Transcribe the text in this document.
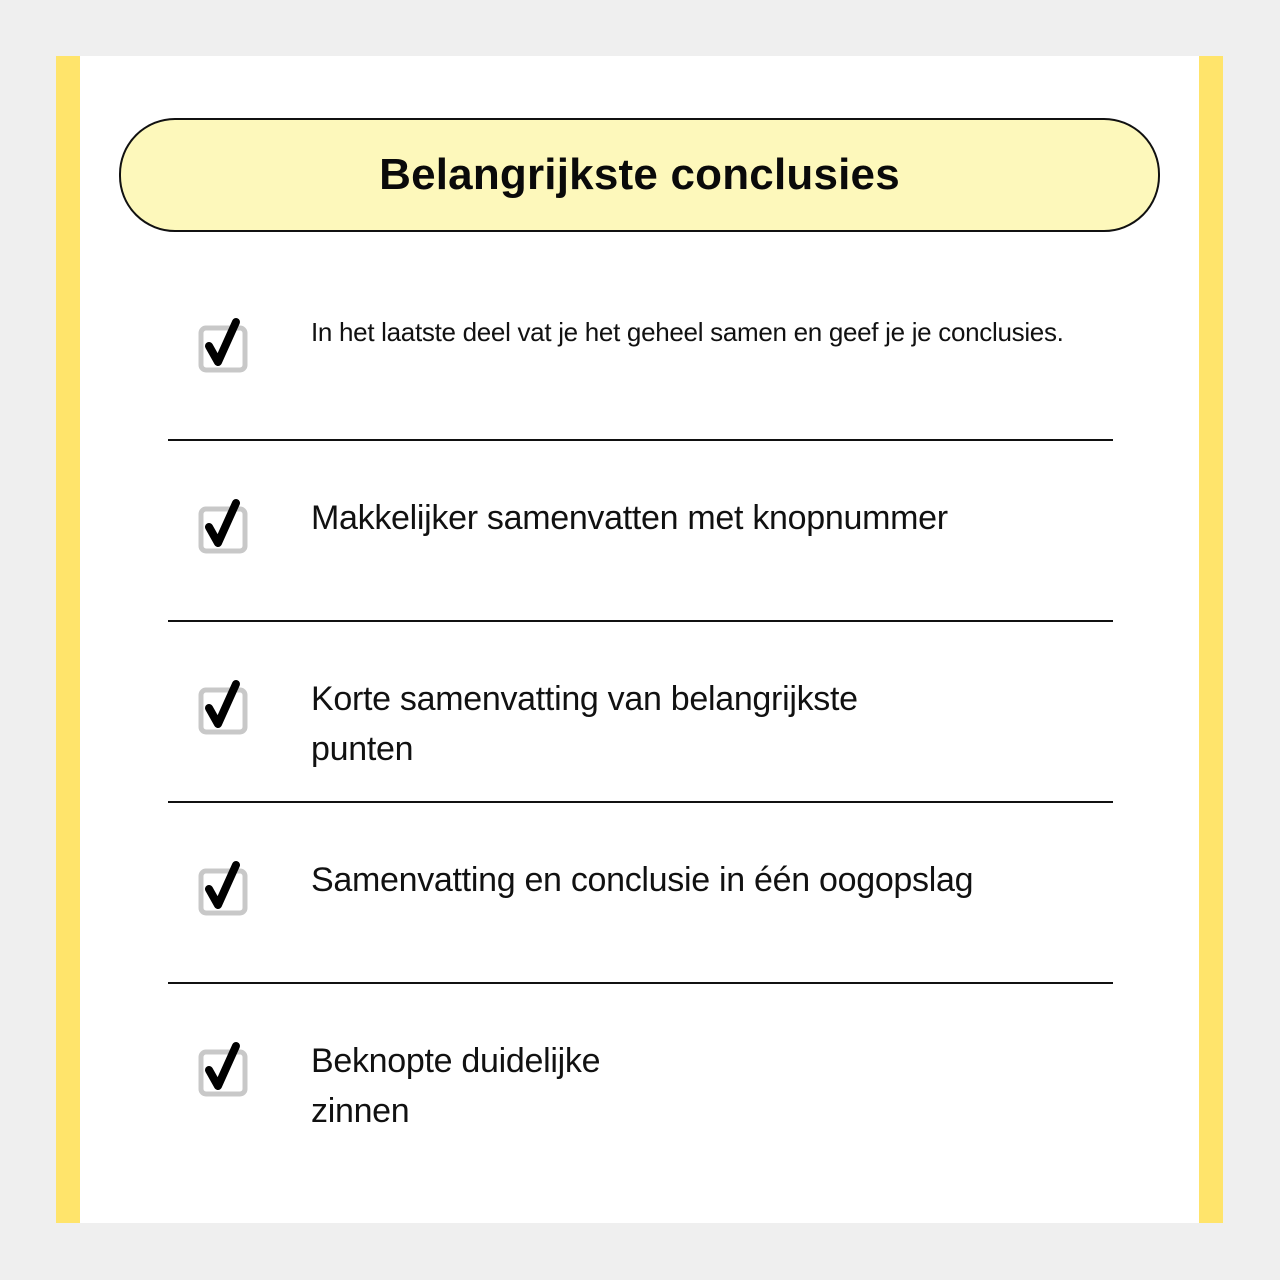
Belangrijkste conclusies
In het laatste deel vat je het geheel samen en geef je je conclusies.
Makkelijker samenvatten met knopnummer
Korte samenvatting van belangrijkste punten
Samenvatting en conclusie in één oogopslag
Beknopte duidelijke zinnen
